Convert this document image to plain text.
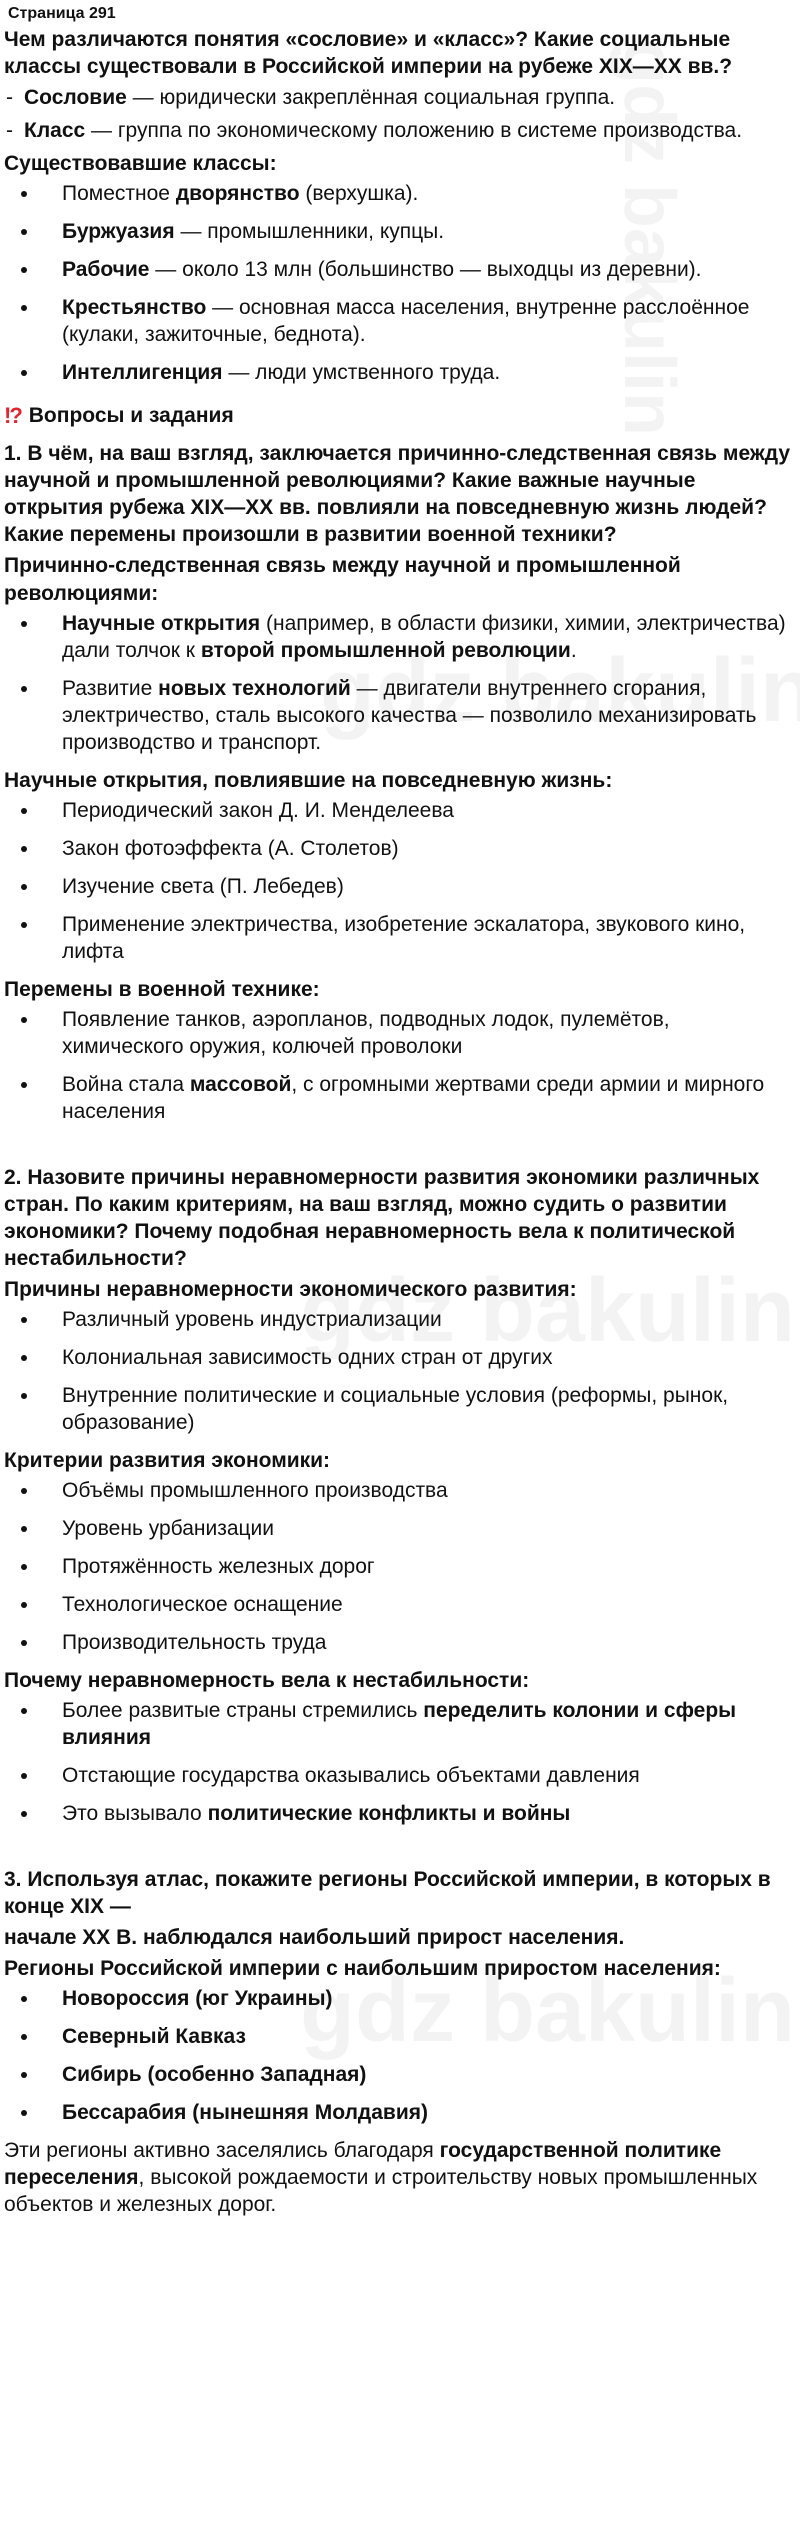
Страница 291
Чем различаются понятия «сословие» и «класс»? Какие социальные классы существовали в Российской империи на рубеже XIX—XX вв.?
- Сословие — юридически закреплённая социальная группа.
- Класс — группа по экономическому положению в системе производства.
Существовавшие классы:
Поместное дворянство (верхушка).
Буржуазия — промышленники, купцы.
Рабочие — около 13 млн (большинство — выходцы из деревни).
Крестьянство — основная масса населения, внутренне расслоённое (кулаки, зажиточные, беднота).
Интеллигенция — люди умственного труда.
!? Вопросы и задания
1. В чём, на ваш взгляд, заключается причинно-следственная связь между научной и промышленной революциями? Какие важные научные открытия рубежа XIX—XX вв. повлияли на повседневную жизнь людей? Какие перемены произошли в развитии военной техники?
Причинно-следственная связь между научной и промышленной революциями:
Научные открытия (например, в области физики, химии, электричества) дали толчок к второй промышленной революции.
Развитие новых технологий — двигатели внутреннего сгорания, электричество, сталь высокого качества — позволило механизировать производство и транспорт.
Научные открытия, повлиявшие на повседневную жизнь:
Периодический закон Д. И. Менделеева
Закон фотоэффекта (А. Столетов)
Изучение света (П. Лебедев)
Применение электричества, изобретение эскалатора, звукового кино, лифта
Перемены в военной технике:
Появление танков, аэропланов, подводных лодок, пулемётов, химического оружия, колючей проволоки
Война стала массовой, с огромными жертвами среди армии и мирного населения
2. Назовите причины неравномерности развития экономики различных стран. По каким критериям, на ваш взгляд, можно судить о развитии экономики? Почему подобная неравномерность вела к политической нестабильности?
Причины неравномерности экономического развития:
Различный уровень индустриализации
Колониальная зависимость одних стран от других
Внутренние политические и социальные условия (реформы, рынок, образование)
Критерии развития экономики:
Объёмы промышленного производства
Уровень урбанизации
Протяжённость железных дорог
Технологическое оснащение
Производительность труда
Почему неравномерность вела к нестабильности:
Более развитые страны стремились переделить колонии и сферы влияния
Отстающие государства оказывались объектами давления
Это вызывало политические конфликты и войны
3. Используя атлас, покажите регионы Российской империи, в которых в конце XIX —
начале XX В. наблюдался наибольший прирост населения.
Регионы Российской империи с наибольшим приростом населения:
Новороссия (юг Украины)
Северный Кавказ
Сибирь (особенно Западная)
Бессарабия (нынешняя Молдавия)

Эти регионы активно заселялись благодаря государственной политике переселения, высокой рождаемости и строительству новых промышленных объектов и железных дорог.
